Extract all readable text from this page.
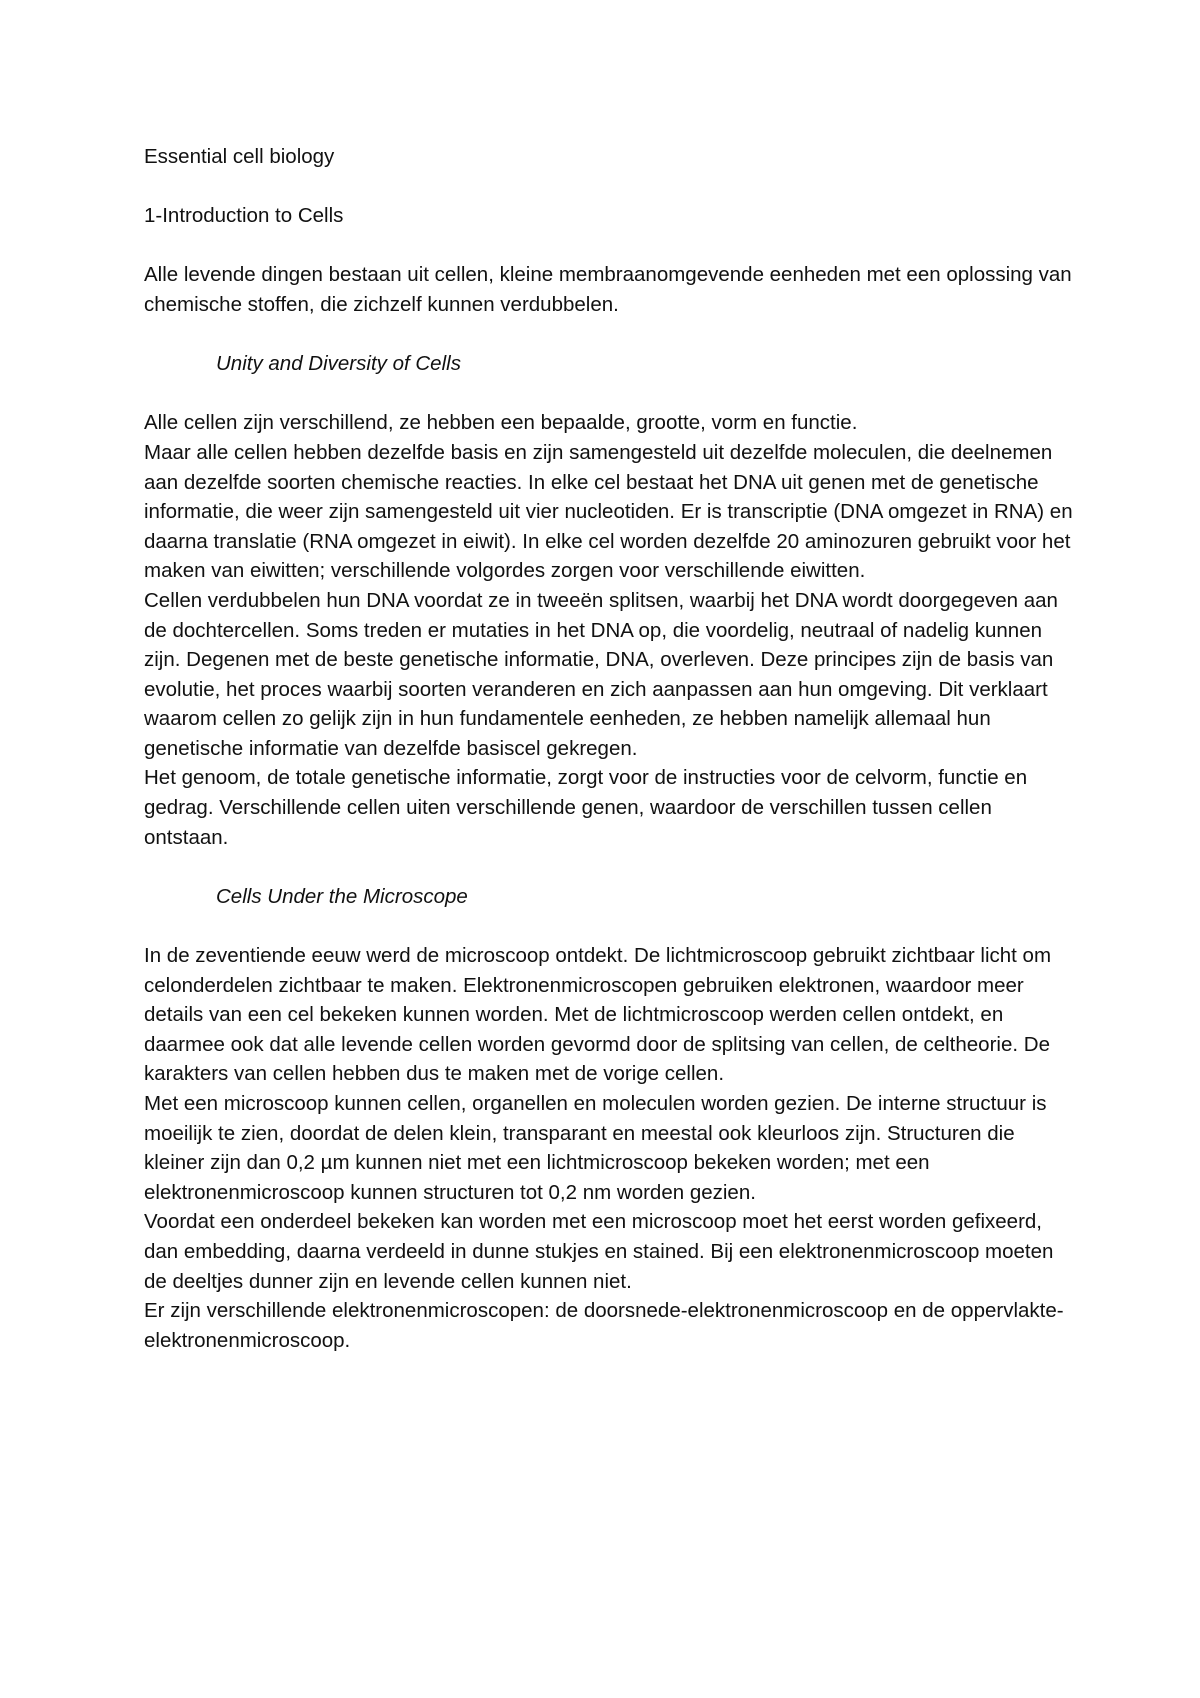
Essential cell biology

1-Introduction to Cells

Alle levende dingen bestaan uit cellen, kleine membraanomgevende eenheden met een oplossing van chemische stoffen, die zichzelf kunnen verdubbelen.

Unity and Diversity of Cells

Alle cellen zijn verschillend, ze hebben een bepaalde, grootte, vorm en functie.

Maar alle cellen hebben dezelfde basis en zijn samengesteld uit dezelfde moleculen, die deelnemen aan dezelfde soorten chemische reacties. In elke cel bestaat het DNA uit genen met de genetische informatie, die weer zijn samengesteld uit vier nucleotiden. Er is transcriptie (DNA omgezet in RNA) en daarna translatie (RNA omgezet in eiwit). In elke cel worden dezelfde 20 aminozuren gebruikt voor het maken van eiwitten; verschillende volgordes zorgen voor verschillende eiwitten.

Cellen verdubbelen hun DNA voordat ze in tweeën splitsen, waarbij het DNA wordt doorgegeven aan de dochtercellen. Soms treden er mutaties in het DNA op, die voordelig, neutraal of nadelig kunnen zijn. Degenen met de beste genetische informatie, DNA, overleven. Deze principes zijn de basis van evolutie, het proces waarbij soorten veranderen en zich aanpassen aan hun omgeving. Dit verklaart waarom cellen zo gelijk zijn in hun fundamentele eenheden, ze hebben namelijk allemaal hun genetische informatie van dezelfde basiscel gekregen.

Het genoom, de totale genetische informatie, zorgt voor de instructies voor de celvorm, functie en gedrag. Verschillende cellen uiten verschillende genen, waardoor de verschillen tussen cellen ontstaan.

Cells Under the Microscope

In de zeventiende eeuw werd de microscoop ontdekt. De lichtmicroscoop gebruikt zichtbaar licht om celonderdelen zichtbaar te maken. Elektronenmicroscopen gebruiken elektronen, waardoor meer details van een cel bekeken kunnen worden. Met de lichtmicroscoop werden cellen ontdekt, en daarmee ook dat alle levende cellen worden gevormd door de splitsing van cellen, de celtheorie. De karakters van cellen hebben dus te maken met de vorige cellen.

Met een microscoop kunnen cellen, organellen en moleculen worden gezien. De interne structuur is moeilijk te zien, doordat de delen klein, transparant en meestal ook kleurloos zijn. Structuren die kleiner zijn dan 0,2 µm kunnen niet met een lichtmicroscoop bekeken worden; met een elektronenmicroscoop kunnen structuren tot 0,2 nm worden gezien.

Voordat een onderdeel bekeken kan worden met een microscoop moet het eerst worden gefixeerd, dan embedding, daarna verdeeld in dunne stukjes en stained. Bij een elektronenmicroscoop moeten de deeltjes dunner zijn en levende cellen kunnen niet.

Er zijn verschillende elektronenmicroscopen: de doorsnede-elektronenmicroscoop en de oppervlakte-elektronenmicroscoop.
